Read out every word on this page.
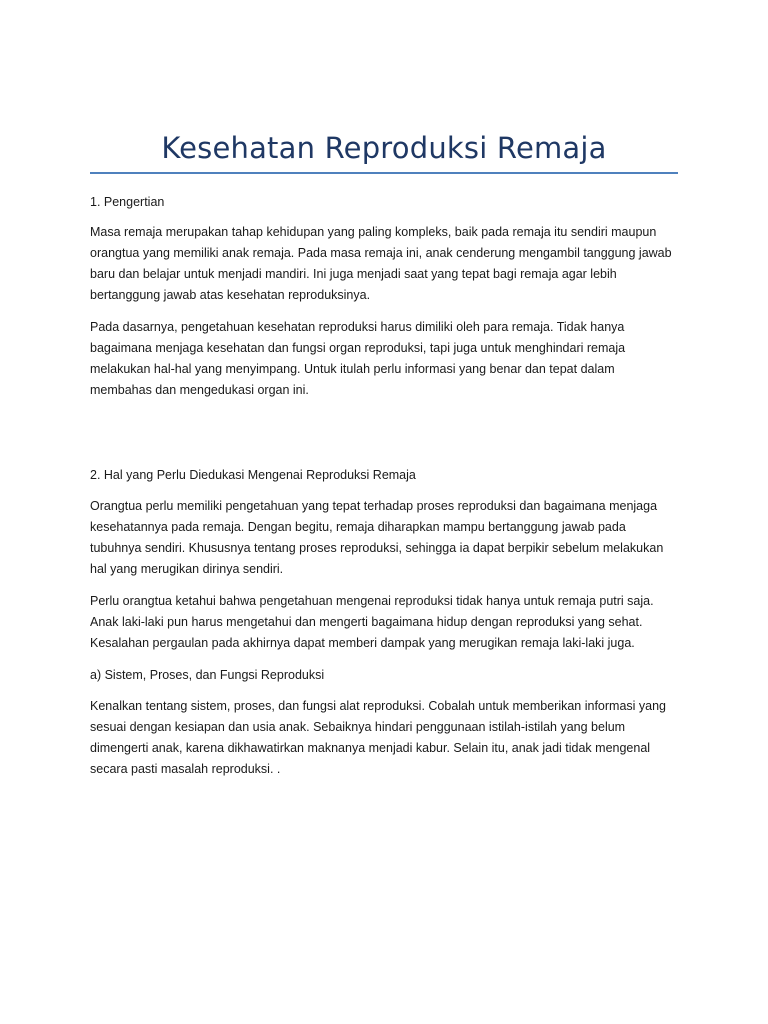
Kesehatan Reproduksi Remaja

1. Pengertian

Masa remaja merupakan tahap kehidupan yang paling kompleks, baik pada remaja itu sendiri maupun orangtua yang memiliki anak remaja. Pada masa remaja ini, anak cenderung mengambil tanggung jawab baru dan belajar untuk menjadi mandiri. Ini juga menjadi saat yang tepat bagi remaja agar lebih bertanggung jawab atas kesehatan reproduksinya.

Pada dasarnya, pengetahuan kesehatan reproduksi harus dimiliki oleh para remaja. Tidak hanya bagaimana menjaga kesehatan dan fungsi organ reproduksi, tapi juga untuk menghindari remaja melakukan hal-hal yang menyimpang. Untuk itulah perlu informasi yang benar dan tepat dalam membahas dan mengedukasi organ ini.

2. Hal yang Perlu Diedukasi Mengenai Reproduksi Remaja

Orangtua perlu memiliki pengetahuan yang tepat terhadap proses reproduksi dan bagaimana menjaga kesehatannya pada remaja. Dengan begitu, remaja diharapkan mampu bertanggung jawab pada tubuhnya sendiri. Khususnya tentang proses reproduksi, sehingga ia dapat berpikir sebelum melakukan hal yang merugikan dirinya sendiri.

Perlu orangtua ketahui bahwa pengetahuan mengenai reproduksi tidak hanya untuk remaja putri saja. Anak laki-laki pun harus mengetahui dan mengerti bagaimana hidup dengan reproduksi yang sehat. Kesalahan pergaulan pada akhirnya dapat memberi dampak yang merugikan remaja laki-laki juga.

a) Sistem, Proses, dan Fungsi Reproduksi

Kenalkan tentang sistem, proses, dan fungsi alat reproduksi. Cobalah untuk memberikan informasi yang sesuai dengan kesiapan dan usia anak. Sebaiknya hindari penggunaan istilah-istilah yang belum dimengerti anak, karena dikhawatirkan maknanya menjadi kabur. Selain itu, anak jadi tidak mengenal secara pasti masalah reproduksi. .
